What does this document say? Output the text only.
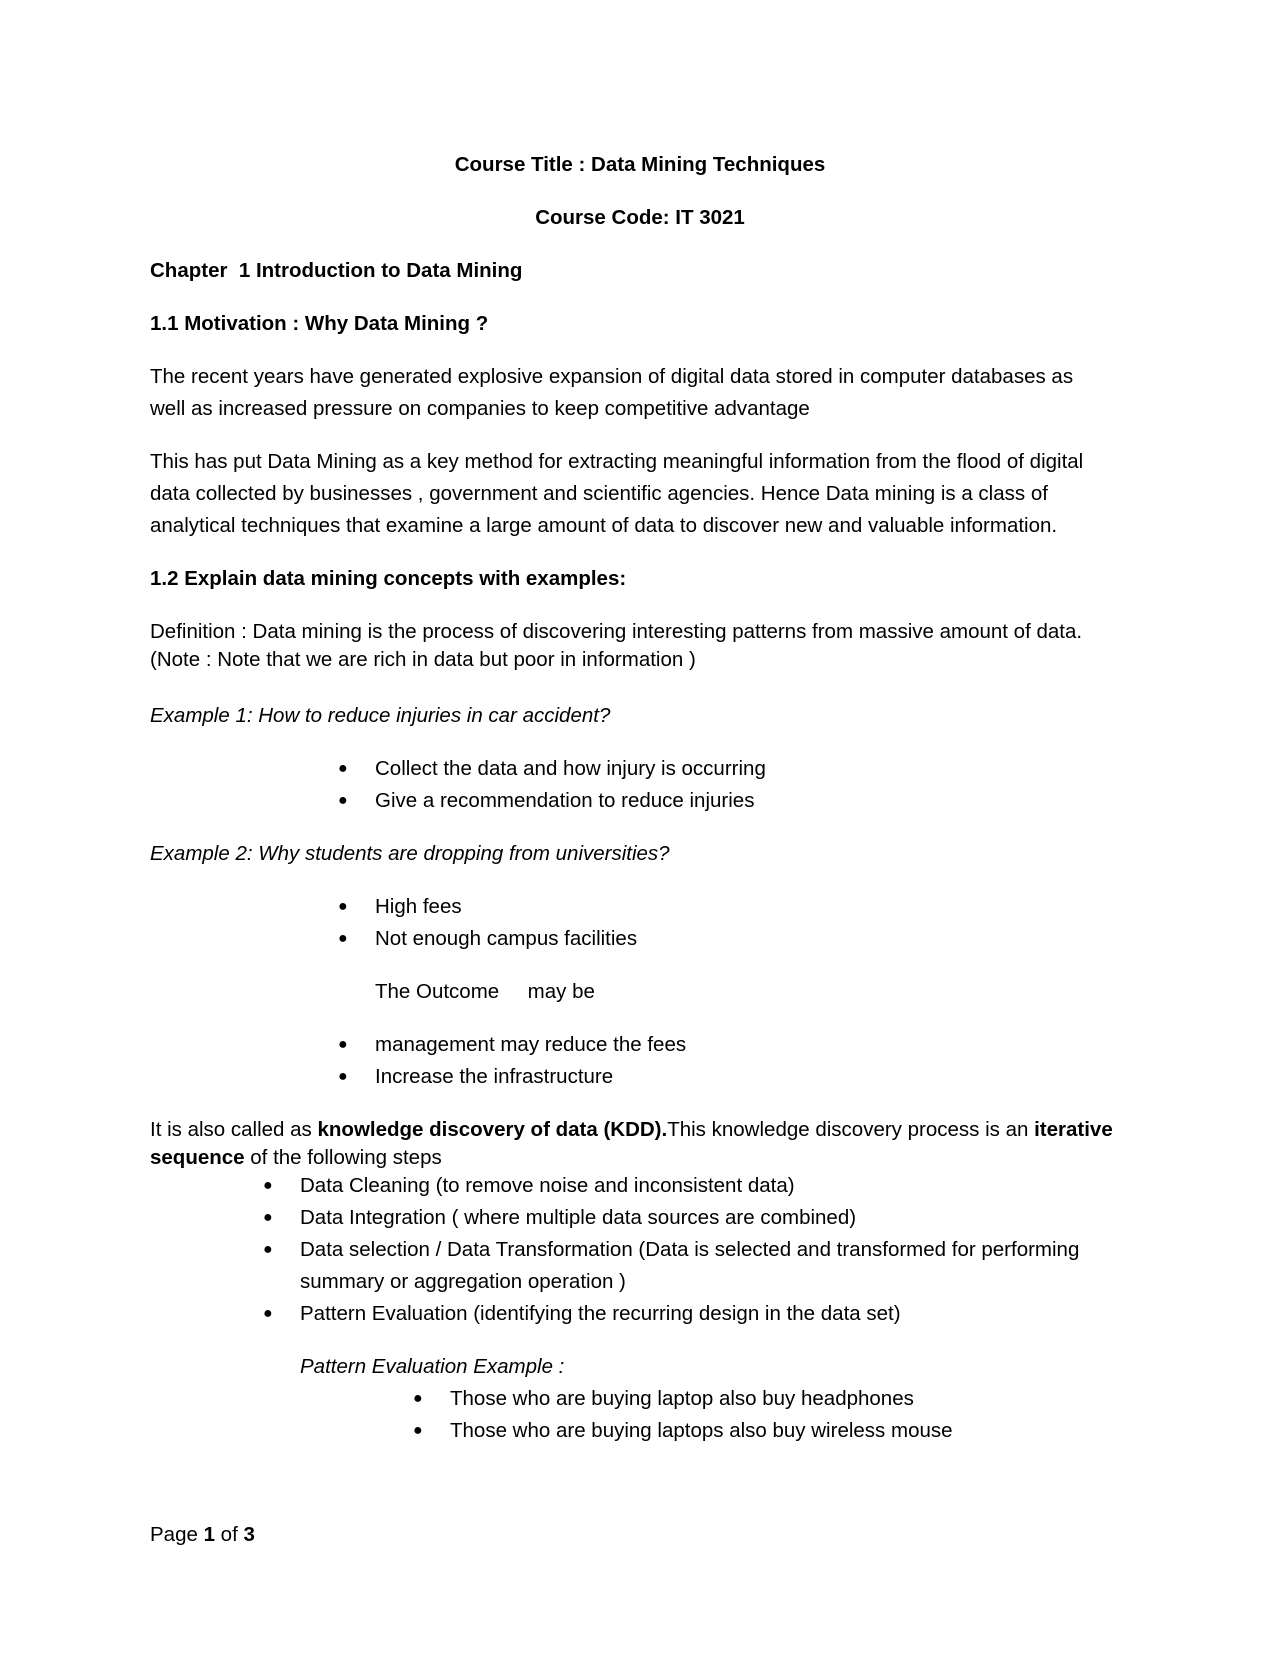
Course Title : Data Mining Techniques
Course Code: IT 3021
Chapter  1 Introduction to Data Mining
1.1 Motivation : Why Data Mining ?
The recent years have generated explosive expansion of digital data stored in computer databases as
well as increased pressure on companies to keep competitive advantage
This has put Data Mining as a key method for extracting meaningful information from the flood of digital
data collected by businesses , government and scientific agencies. Hence Data mining is a class of
analytical techniques that examine a large amount of data to discover new and valuable information.
1.2 Explain data mining concepts with examples:
Definition : Data mining is the process of discovering interesting patterns from massive amount of data.
(Note : Note that we are rich in data but poor in information )
Example 1: How to reduce injuries in car accident?
● Collect the data and how injury is occurring
● Give a recommendation to reduce injuries
Example 2: Why students are dropping from universities?
● High fees
● Not enough campus facilities
The Outcome     may be
● management may reduce the fees
● Increase the infrastructure
It is also called as knowledge discovery of data (KDD).This knowledge discovery process is an iterative
sequence of the following steps
● Data Cleaning (to remove noise and inconsistent data)
● Data Integration ( where multiple data sources are combined)
● Data selection / Data Transformation (Data is selected and transformed for performing
summary or aggregation operation )
● Pattern Evaluation (identifying the recurring design in the data set)
Pattern Evaluation Example :
● Those who are buying laptop also buy headphones
● Those who are buying laptops also buy wireless mouse
Page 1 of 3
